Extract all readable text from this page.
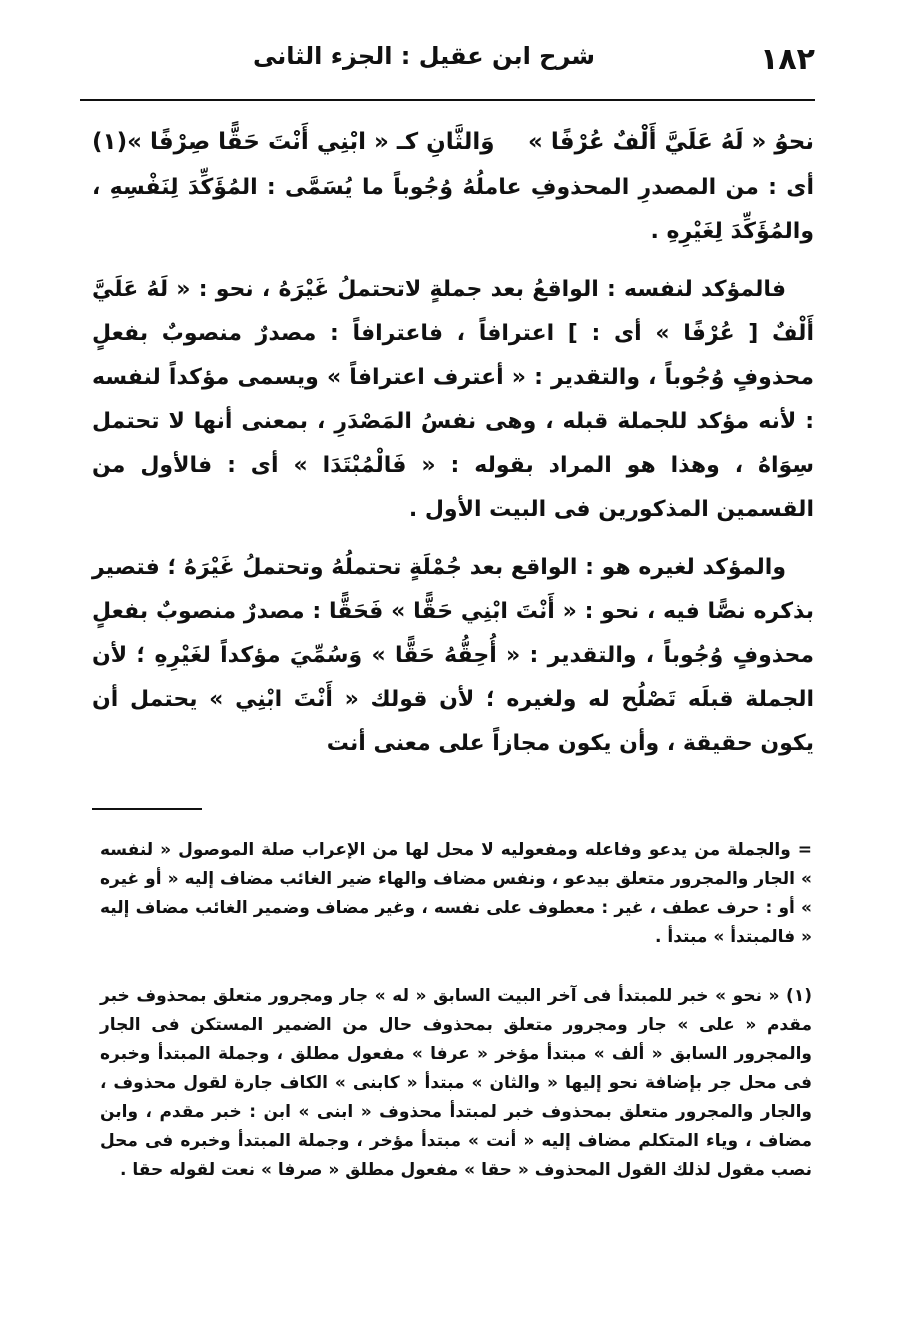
١٨٢
شرح ابن عقيل : الجزء الثانى
نحوُ « لَهُ عَلَيَّ أَلْفٌ عُرْفًا »
وَالثَّانِ كـ « ابْنِي أَنْتَ حَقًّا صِرْفًا »(١)

أى : من المصدرِ المحذوفِ عاملُهُ وُجُوباً ما يُسَمَّى : المُؤَكِّدَ لِنَفْسِهِ ، والمُؤَكِّدَ لِغَيْرِهِ .

فالمؤكد لنفسه : الواقعُ بعد جملةٍ لاتحتملُ غَيْرَهُ ، نحو : « لَهُ عَلَيَّ أَلْفٌ [ عُرْفًا » أى : ] اعترافاً ، فاعترافاً : مصدرٌ منصوبٌ بفعلٍ محذوفٍ وُجُوباً ، والتقدير : « أعترف اعترافاً » ويسمى مؤكداً لنفسه : لأنه مؤكد للجملة قبله ، وهى نفسُ المَصْدَرِ ، بمعنى أنها لا تحتمل سِوَاهُ ، وهذا هو المراد بقوله : « فَالْمُبْتَدَا » أى : فالأول من القسمين المذكورين فى البيت الأول .

والمؤكد لغيره هو : الواقع بعد جُمْلَةٍ تحتملُهُ وتحتملُ غَيْرَهُ ؛ فتصير بذكره نصًّا فيه ، نحو : « أَنْتَ ابْنِي حَقًّا » فَحَقًّا : مصدرٌ منصوبٌ بفعلٍ محذوفٍ وُجُوباً ، والتقدير : « أُحِقُّهُ حَقًّا » وَسُمِّيَ مؤكداً لغَيْرِهِ ؛ لأن الجملة قبلَه تَصْلُح له ولغيره ؛ لأن قولك « أَنْتَ ابْنِي » يحتمل أن يكون حقيقة ، وأن يكون مجازاً على معنى أنت

= والجملة من يدعو وفاعله ومفعوليه لا محل لها من الإعراب صلة الموصول « لنفسه » الجار والمجرور متعلق بيدعو ، ونفس مضاف والهاء ضير الغائب مضاف إليه « أو غيره » أو : حرف عطف ، غير : معطوف على نفسه ، وغير مضاف وضمير الغائب مضاف إليه « فالمبتدأ » مبتدأ .

(١) « نحو » خبر للمبتدأ فى آخر البيت السابق « له » جار ومجرور متعلق بمحذوف خبر مقدم « على » جار ومجرور متعلق بمحذوف حال من الضمير المستكن فى الجار والمجرور السابق « ألف » مبتدأ مؤخر « عرفا » مفعول مطلق ، وجملة المبتدأ وخبره فى محل جر بإضافة نحو إليها « والثان » مبتدأ « كابنى » الكاف جارة لقول محذوف ، والجار والمجرور متعلق بمحذوف خبر لمبتدأ محذوف « ابنى » ابن : خبر مقدم ، وابن مضاف ، وياء المتكلم مضاف إليه « أنت » مبتدأ مؤخر ، وجملة المبتدأ وخبره فى محل نصب مقول لذلك القول المحذوف « حقا » مفعول مطلق « صرفا » نعت لقوله حقا .
